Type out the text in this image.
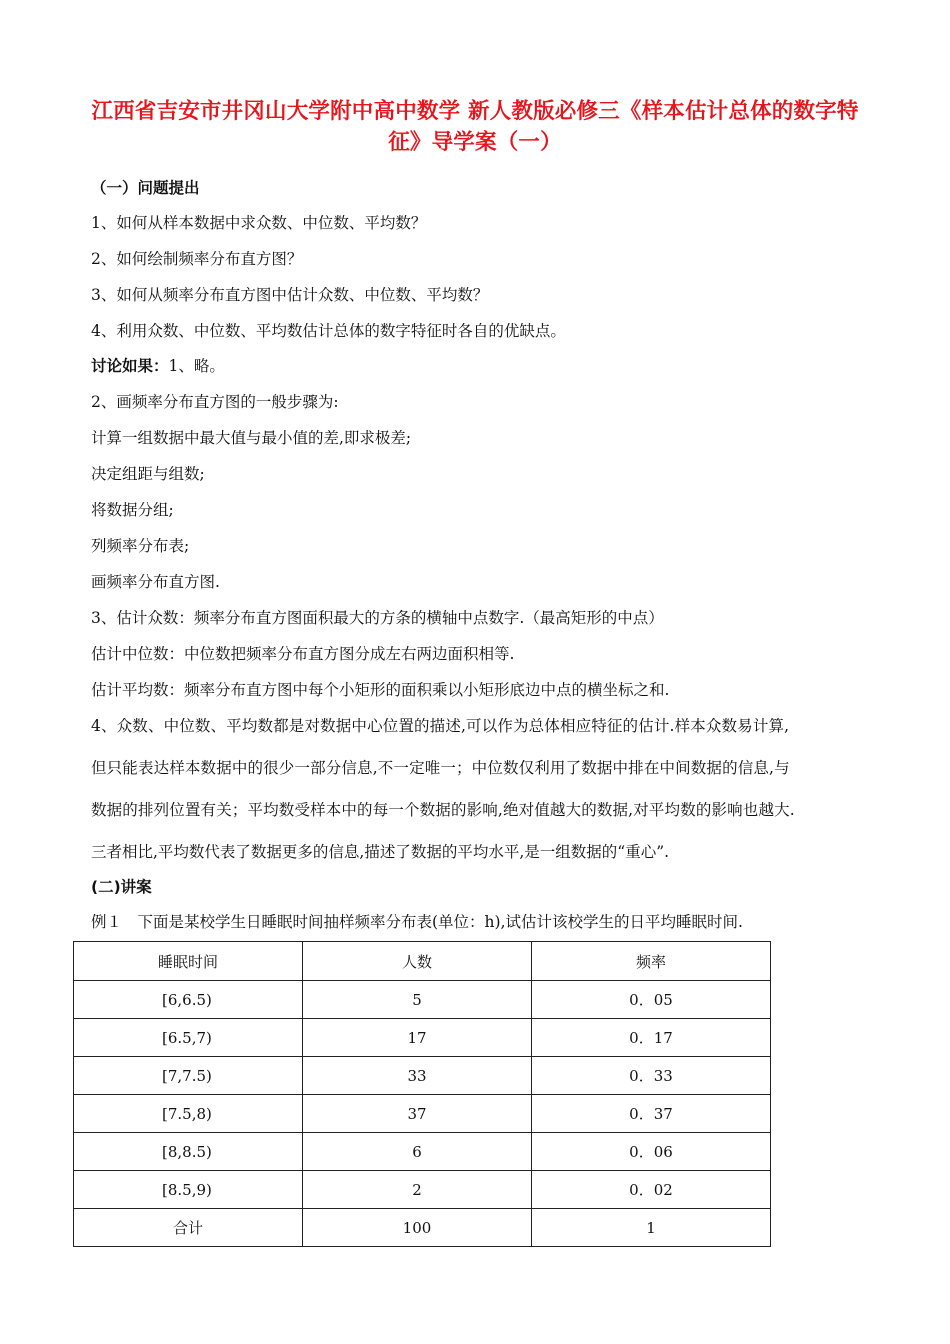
江西省吉安市井冈山大学附中高中数学 新人教版必修三《样本估计总体的数字特征》导学案（一）
（一）问题提出
1、如何从样本数据中求众数、中位数、平均数？
2、如何绘制频率分布直方图？
3、如何从频率分布直方图中估计众数、中位数、平均数？
4、利用众数、中位数、平均数估计总体的数字特征时各自的优缺点。
讨论如果：1、略。
2、画频率分布直方图的一般步骤为:
计算一组数据中最大值与最小值的差,即求极差;
决定组距与组数;
将数据分组;
列频率分布表;
画频率分布直方图.
3、估计众数：频率分布直方图面积最大的方条的横轴中点数字.（最高矩形的中点）
估计中位数：中位数把频率分布直方图分成左右两边面积相等.
估计平均数：频率分布直方图中每个小矩形的面积乘以小矩形底边中点的横坐标之和.
4、众数、中位数、平均数都是对数据中心位置的描述,可以作为总体相应特征的估计.样本众数易计算,
但只能表达样本数据中的很少一部分信息,不一定唯一；中位数仅利用了数据中排在中间数据的信息,与
数据的排列位置有关；平均数受样本中的每一个数据的影响,绝对值越大的数据,对平均数的影响也越大.
三者相比,平均数代表了数据更多的信息,描述了数据的平均水平,是一组数据的“重心”.
(二)讲案
例１　下面是某校学生日睡眠时间抽样频率分布表(单位：h),试估计该校学生的日平均睡眠时间.
睡眠时间	人数	频率
[6,6.5)	5	0．05
[6.5,7)	17	0．17
[7,7.5)	33	0．33
[7.5,8)	37	0．37
[8,8.5)	6	0．06
[8.5,9)	2	0．02
合计	100	1
